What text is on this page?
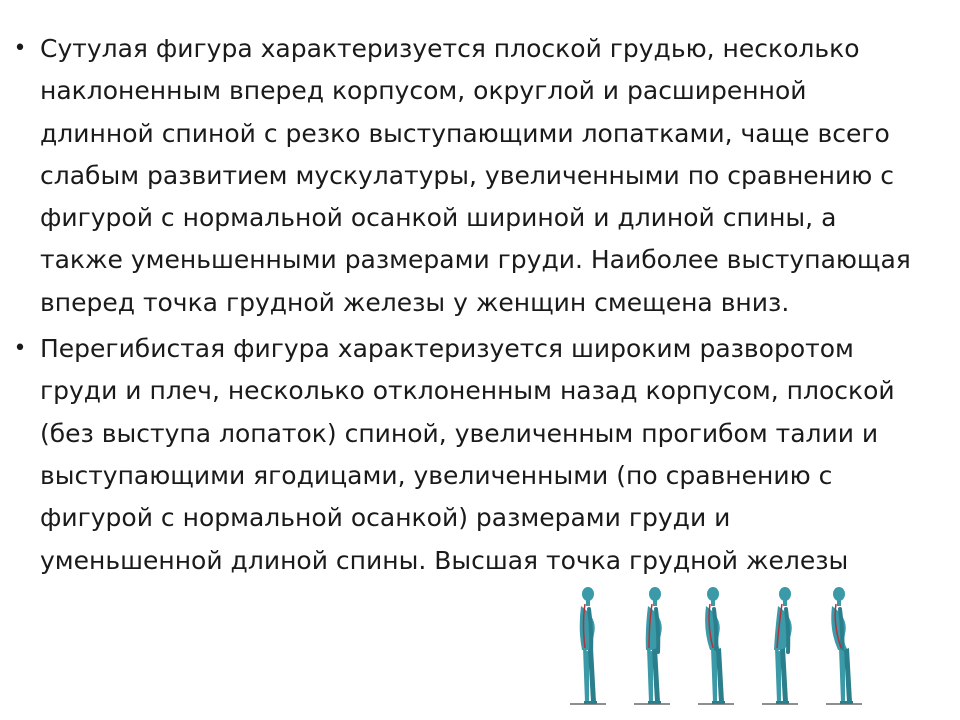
• Сутулая фигура характеризуется плоской грудью, несколько наклоненным вперед корпусом, округлой и расширенной длинной спиной с резко выступающими лопатками, чаще всего слабым развитием мускулатуры, увеличенными по сравнению с фигурой с нормальной осанкой шириной и длиной спины, а также уменьшенными размерами груди. Наиболее выступающая вперед точка грудной железы у женщин смещена вниз.
• Перегибистая фигура характеризуется широким разворотом груди и плеч, несколько отклоненным назад корпусом, плоской (без выступа лопаток) спиной, увеличенным прогибом талии и выступающими ягодицами, увеличенными (по сравнению с фигурой с нормальной осанкой) размерами груди и уменьшенной длиной спины. Высшая точка грудной железы
